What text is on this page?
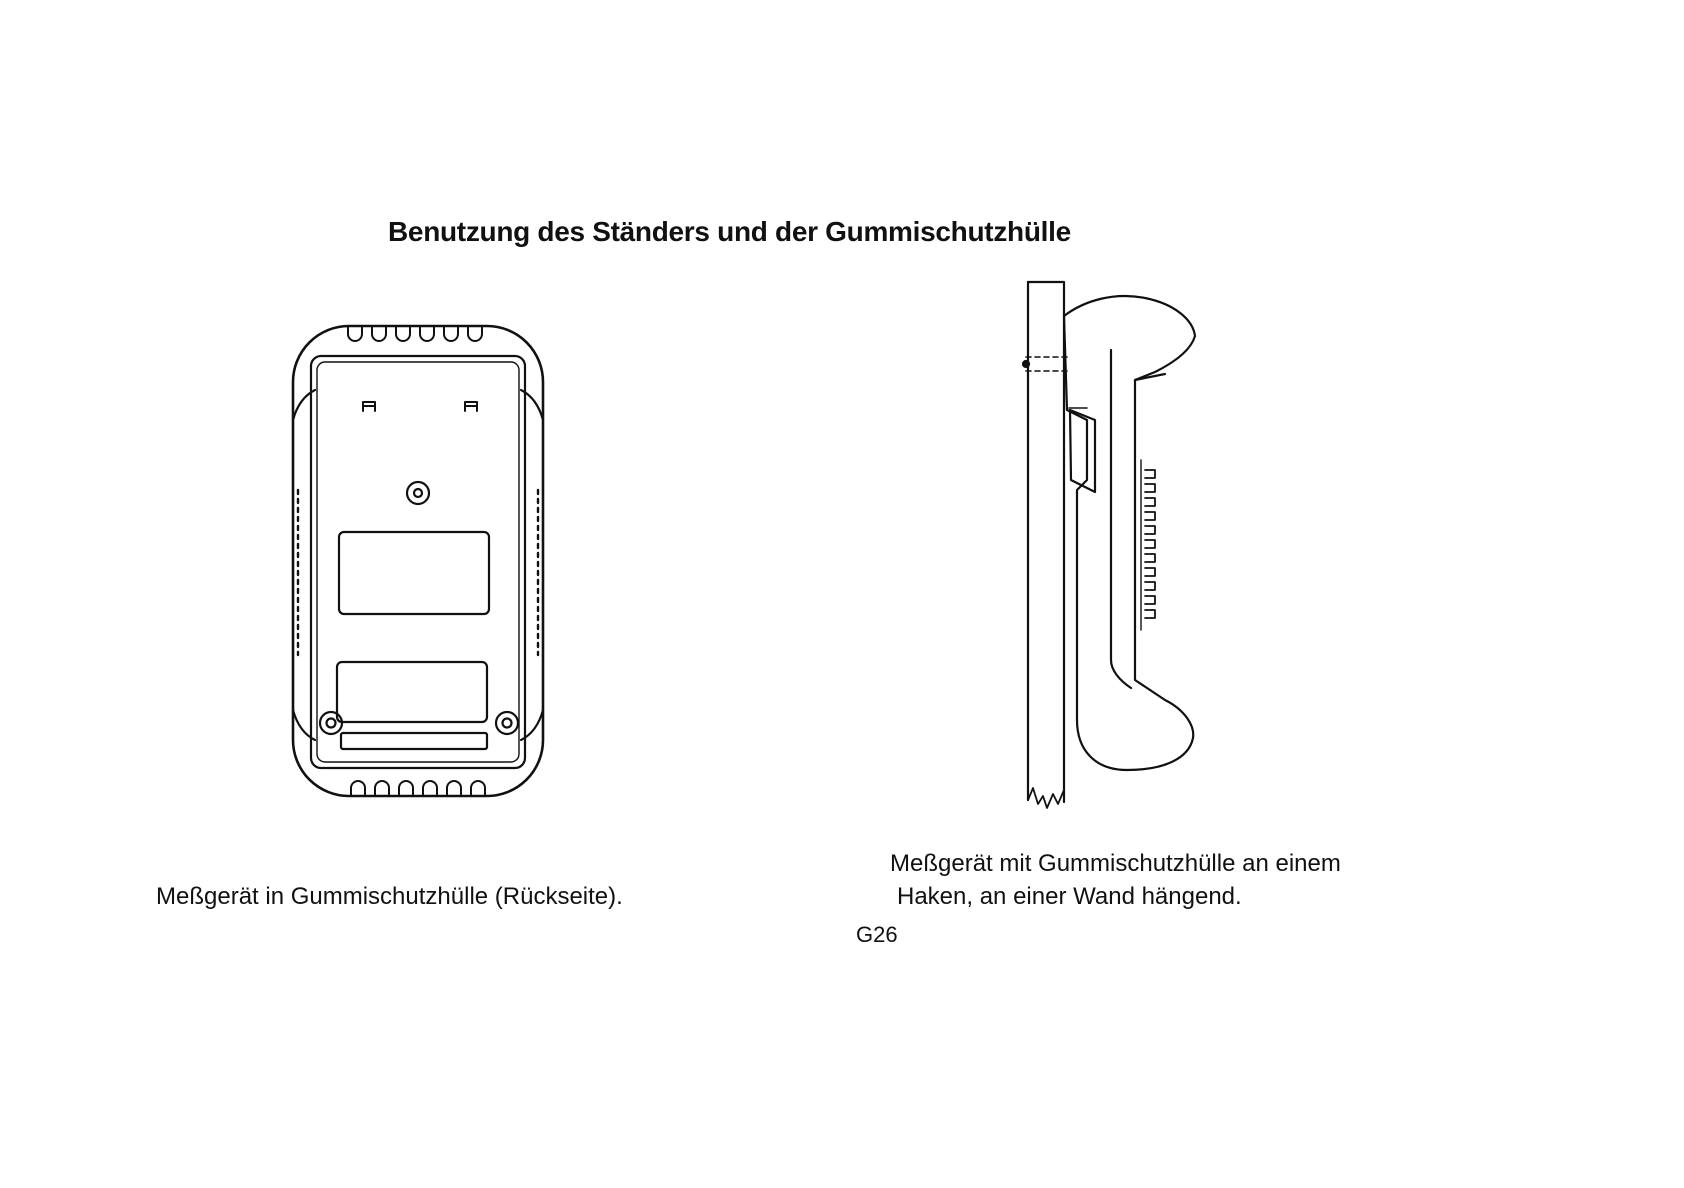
Benutzung des Ständers und der Gummischutzhülle

Meßgerät in Gummischutzhülle (Rückseite).

Meßgerät mit Gummischutzhülle an einem
Haken, an einer Wand hängend.

G26
